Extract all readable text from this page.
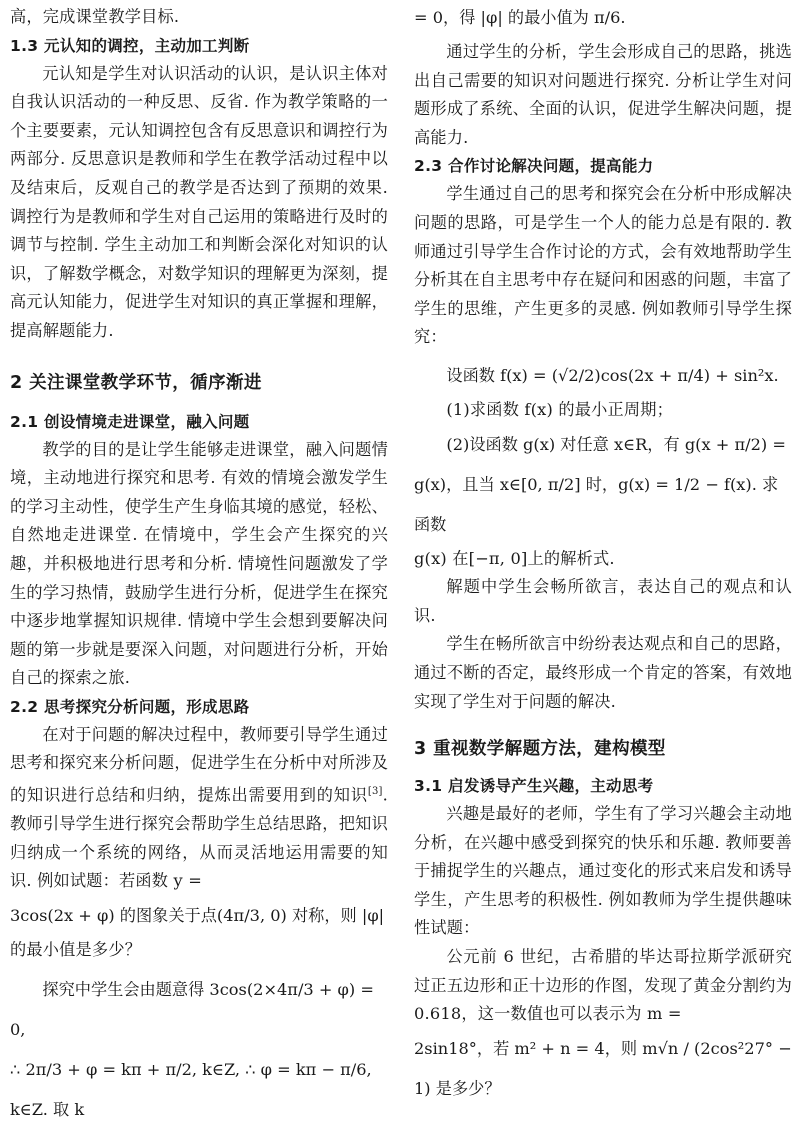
高，完成课堂教学目标.

1.3 元认知的调控，主动加工判断

元认知是学生对认识活动的认识，是认识主体对自我认识活动的一种反思、反省. 作为教学策略的一个主要要素，元认知调控包含有反思意识和调控行为两部分. 反思意识是教师和学生在教学活动过程中以及结束后，反观自己的教学是否达到了预期的效果. 调控行为是教师和学生对自己运用的策略进行及时的调节与控制. 学生主动加工和判断会深化对知识的认识，了解数学概念，对数学知识的理解更为深刻，提高元认知能力，促进学生对知识的真正掌握和理解，提高解题能力.

2 关注课堂教学环节，循序渐进

2.1 创设情境走进课堂，融入问题

教学的目的是让学生能够走进课堂，融入问题情境，主动地进行探究和思考. 有效的情境会激发学生的学习主动性，使学生产生身临其境的感觉，轻松、自然地走进课堂. 在情境中，学生会产生探究的兴趣，并积极地进行思考和分析. 情境性问题激发了学生的学习热情，鼓励学生进行分析，促进学生在探究中逐步地掌握知识规律. 情境中学生会想到要解决问题的第一步就是要深入问题，对问题进行分析，开始自己的探索之旅.

2.2 思考探究分析问题，形成思路

在对于问题的解决过程中，教师要引导学生通过思考和探究来分析问题，促进学生在分析中对所涉及的知识进行总结和归纳，提炼出需要用到的知识[3]. 教师引导学生进行探究会帮助学生总结思路，把知识归纳成一个系统的网络，从而灵活地运用需要的知识. 例如试题：若函数 y =

3cos(2x + φ) 的图象关于点(4π/3, 0) 对称，则 |φ|

的最小值是多少？

探究中学生会由题意得 3cos(2×4π/3 + φ) = 0,

∴ 2π/3 + φ = kπ + π/2, k∈Z, ∴ φ = kπ − π/6, k∈Z. 取 k

= 0，得 |φ| 的最小值为 π/6.

通过学生的分析，学生会形成自己的思路，挑选出自己需要的知识对问题进行探究. 分析让学生对问题形成了系统、全面的认识，促进学生解决问题，提高能力.

2.3 合作讨论解决问题，提高能力

学生通过自己的思考和探究会在分析中形成解决问题的思路，可是学生一个人的能力总是有限的. 教师通过引导学生合作讨论的方式，会有效地帮助学生分析其在自主思考中存在疑问和困惑的问题，丰富了学生的思维，产生更多的灵感. 例如教师引导学生探究：

设函数 f(x) = (√2/2)cos(2x + π/4) + sin²x.

(1)求函数 f(x) 的最小正周期；

(2)设函数 g(x) 对任意 x∈R，有 g(x + π/2) =

g(x)，且当 x∈[0, π/2] 时，g(x) = 1/2 − f(x). 求函数

g(x) 在[−π, 0]上的解析式.

解题中学生会畅所欲言，表达自己的观点和认识.

学生在畅所欲言中纷纷表达观点和自己的思路，通过不断的否定，最终形成一个肯定的答案，有效地实现了学生对于问题的解决.

3 重视数学解题方法，建构模型

3.1 启发诱导产生兴趣，主动思考

兴趣是最好的老师，学生有了学习兴趣会主动地分析，在兴趣中感受到探究的快乐和乐趣. 教师要善于捕捉学生的兴趣点，通过变化的形式来启发和诱导学生，产生思考的积极性. 例如教师为学生提供趣味性试题：

公元前 6 世纪，古希腊的毕达哥拉斯学派研究过正五边形和正十边形的作图，发现了黄金分割约为 0.618，这一数值也可以表示为 m =

2sin18°，若 m² + n = 4，则 m√n / (2cos²27° − 1) 是多少？
